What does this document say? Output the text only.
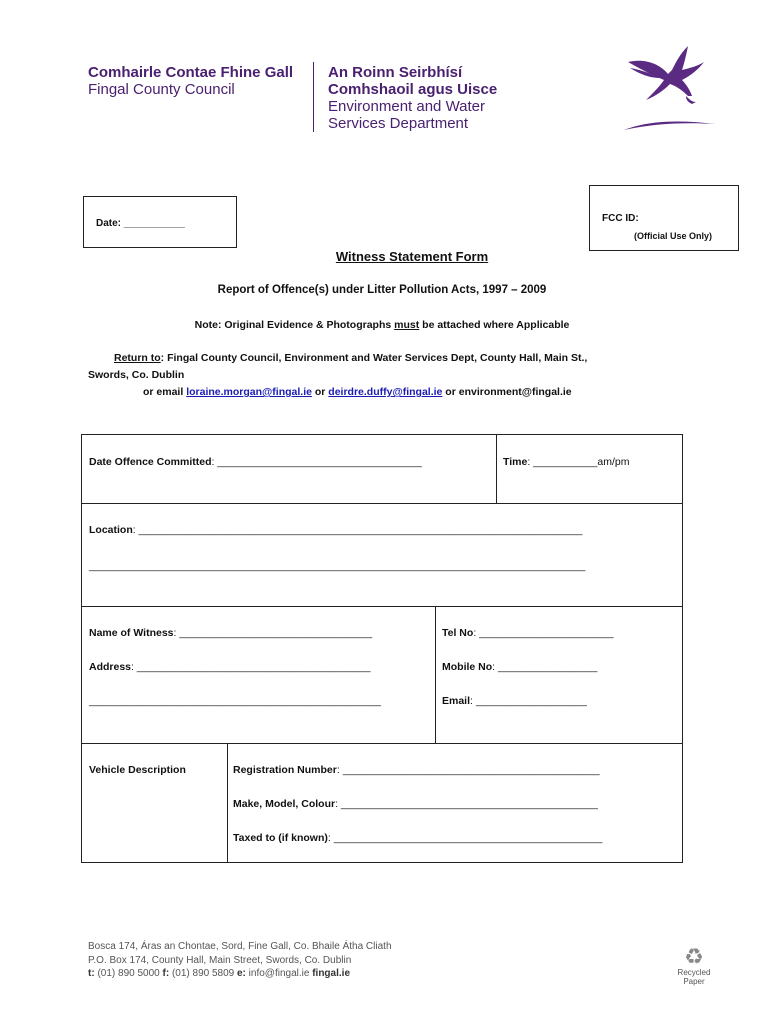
Comhairle Contae Fhine Gall
Fingal County Council
An Roinn Seirbhísí
Comhshaoil agus Uisce
Environment and Water
Services Department
Date: ___________	FCC ID:
(Official Use Only)
Witness Statement Form
Report of Offence(s) under Litter Pollution Acts, 1997 – 2009
Note: Original Evidence & Photographs must be attached where Applicable
Return to: Fingal County Council, Environment and Water Services Dept, County Hall, Main St.,
Swords, Co. Dublin
or email loraine.morgan@fingal.ie or deirdre.duffy@fingal.ie or environment@fingal.ie
Date Offence Committed: ___________________________________	Time: ___________am/pm
Location: ____________________________________________________________________________
_____________________________________________________________________________________
Name of Witness: _________________________________
Address: ________________________________________
__________________________________________________
Tel No: _______________________
Mobile No: _________________
Email: ___________________
Vehicle Description	Registration Number: ____________________________________________
Make, Model, Colour: ____________________________________________
Taxed to (if known): ______________________________________________
Bosca 174, Áras an Chontae, Sord, Fine Gall, Co. Bhaile Átha Cliath
P.O. Box 174, County Hall, Main Street, Swords, Co. Dublin
t: (01) 890 5000 f: (01) 890 5809 e: info@fingal.ie fingal.ie
♻
Recycled
Paper
